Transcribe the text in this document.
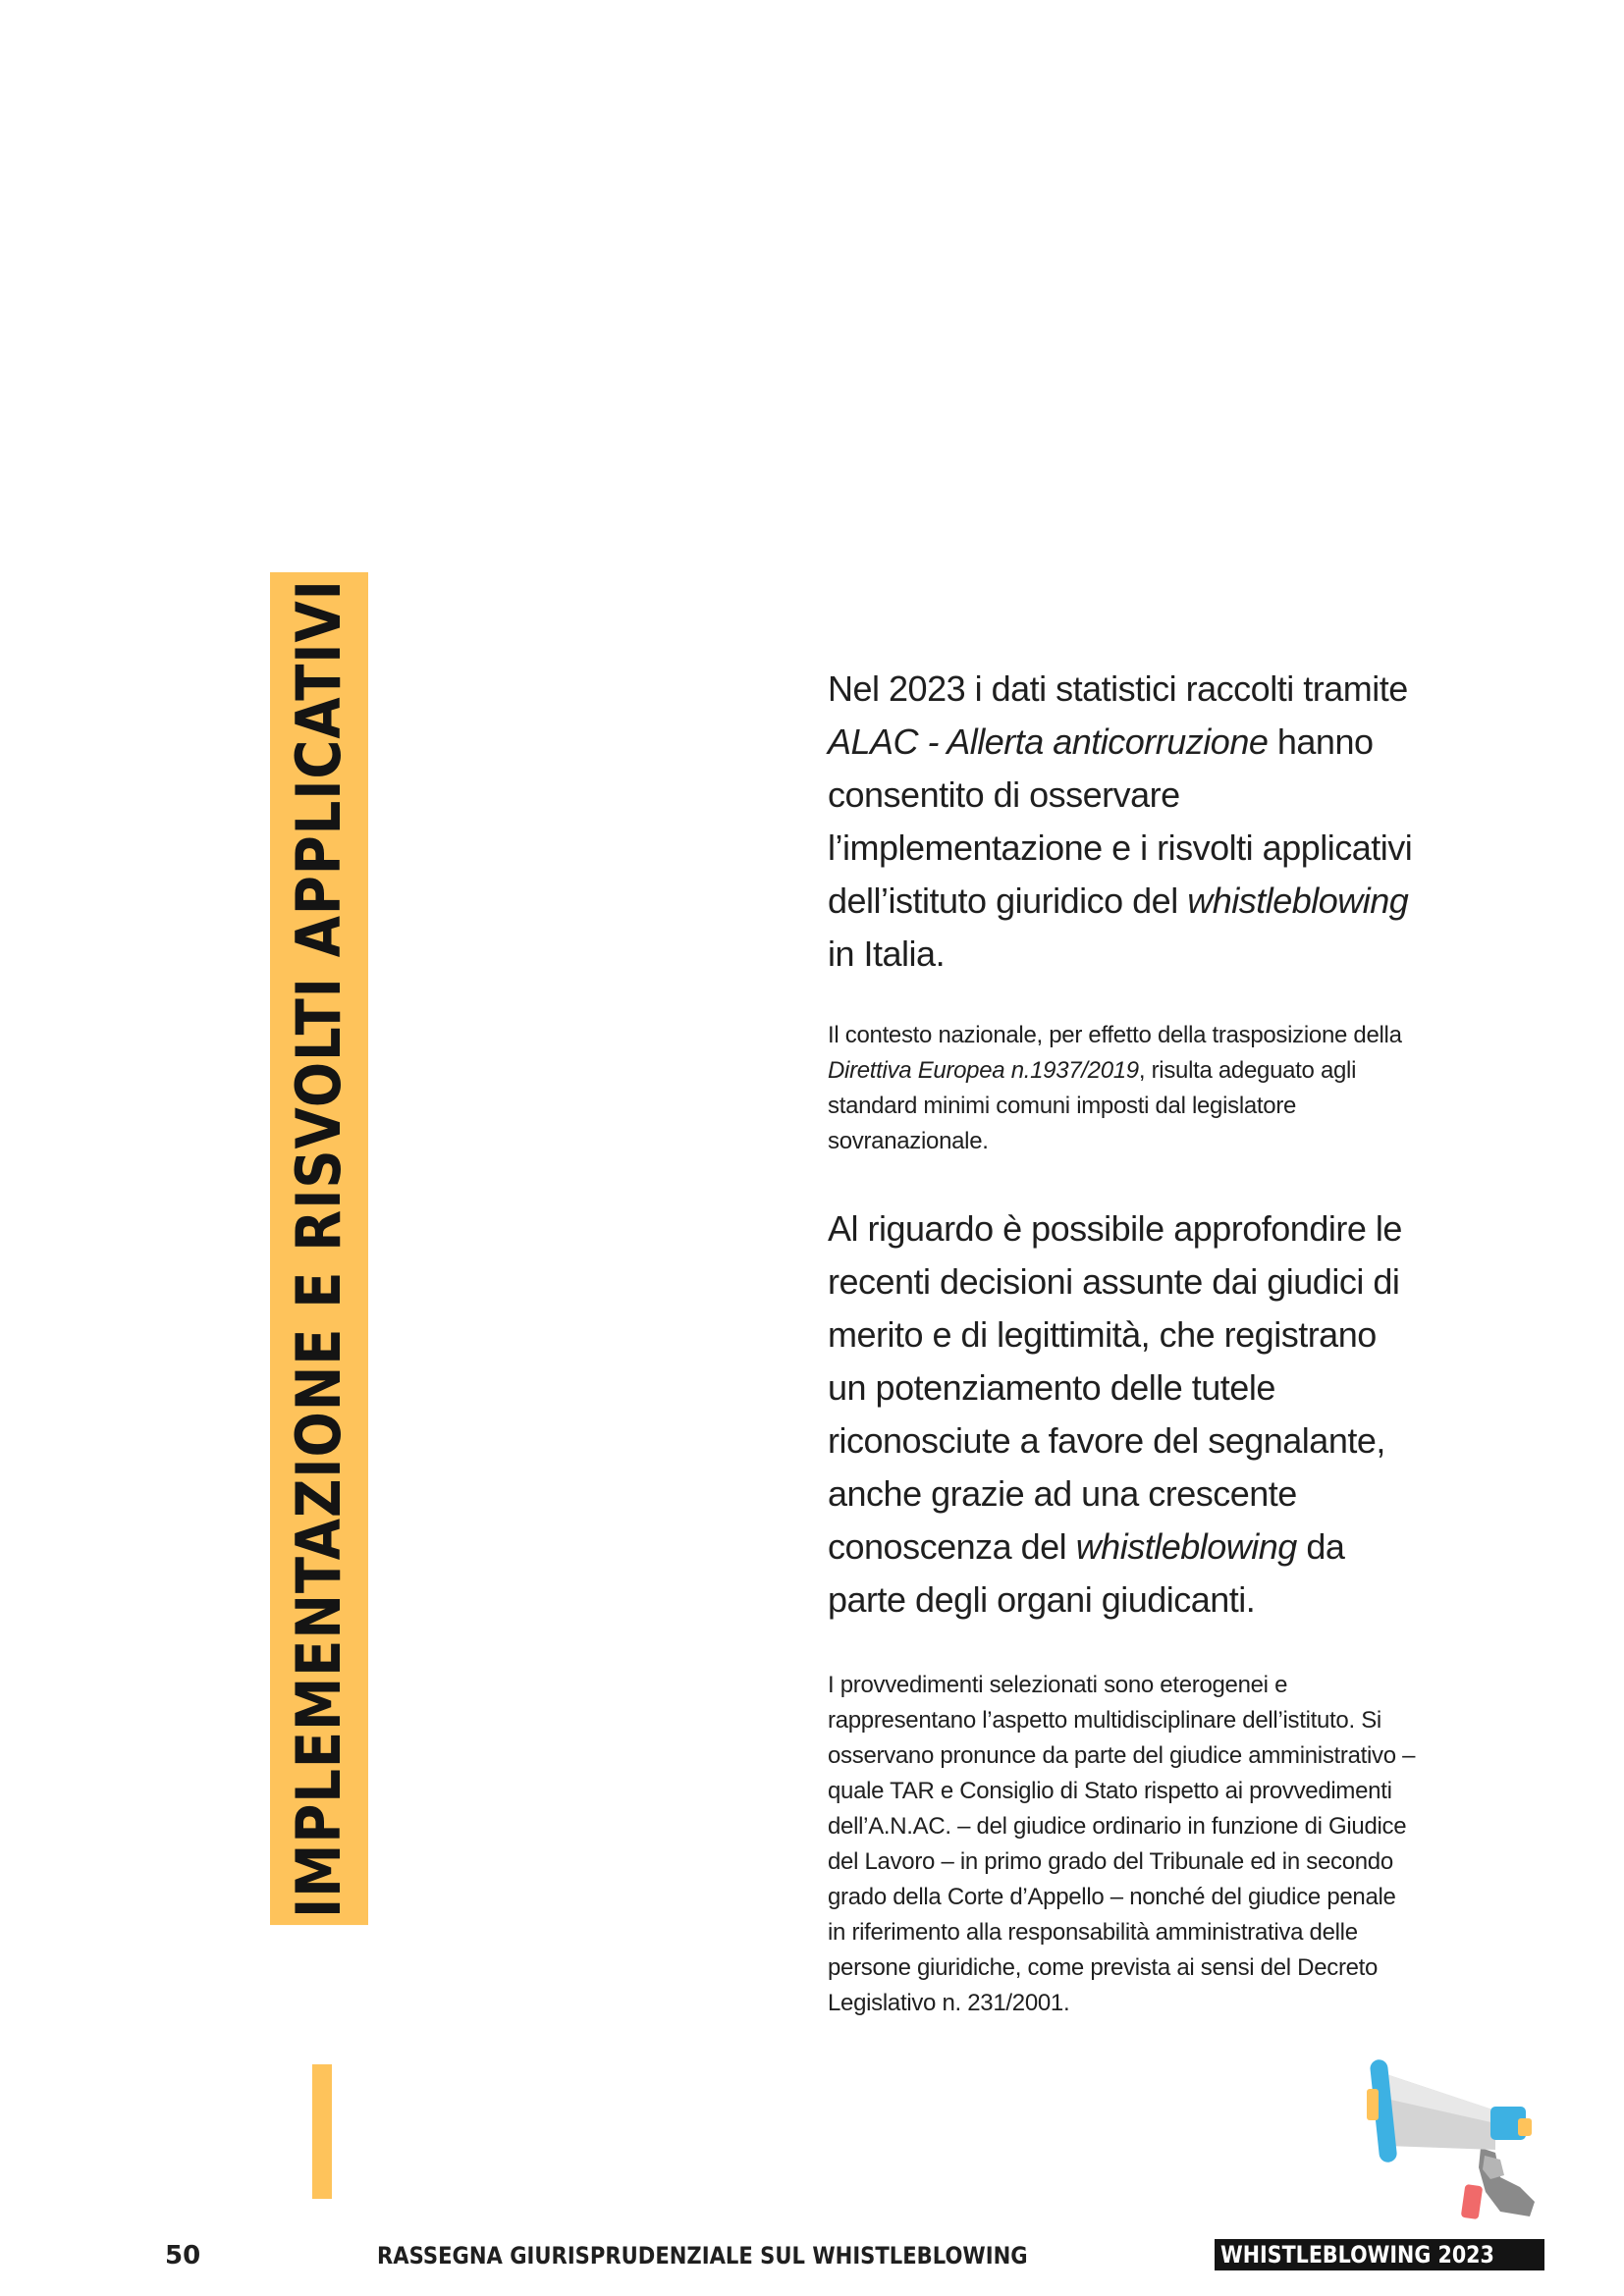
IMPLEMENTAZIONE E RISVOLTI APPLICATIVI	Nel 2023 i dati statistici raccolti tramite ALAC - Allerta anticorruzione hanno consentito di osservare l’implementazione e i risvolti applicativi dell’istituto giuridico del whistleblowing in Italia.

Il contesto nazionale, per effetto della trasposizione della Direttiva Europea n.1937/2019, risulta adeguato agli standard minimi comuni imposti dal legislatore sovranazionale.

Al riguardo è possibile approfondire le recenti decisioni assunte dai giudici di merito e di legittimità, che registrano un potenziamento delle tutele riconosciute a favore del segnalante, anche grazie ad una crescente conoscenza del whistleblowing da parte degli organi giudicanti.

I provvedimenti selezionati sono eterogenei e rappresentano l’aspetto multidisciplinare dell’istituto. Si osservano pronunce da parte del giudice amministrativo – quale TAR e Consiglio di Stato rispetto ai provvedimenti dell’A.N.AC. – del giudice ordinario in funzione di Giudice del Lavoro – in primo grado del Tribunale ed in secondo grado della Corte d’Appello – nonché del giudice penale in riferimento alla responsabilità amministrativa delle persone giuridiche, come prevista ai sensi del Decreto Legislativo n. 231/2001.

50	RASSEGNA GIURISPRUDENZIALE SUL WHISTLEBLOWING	WHISTLEBLOWING 2023
